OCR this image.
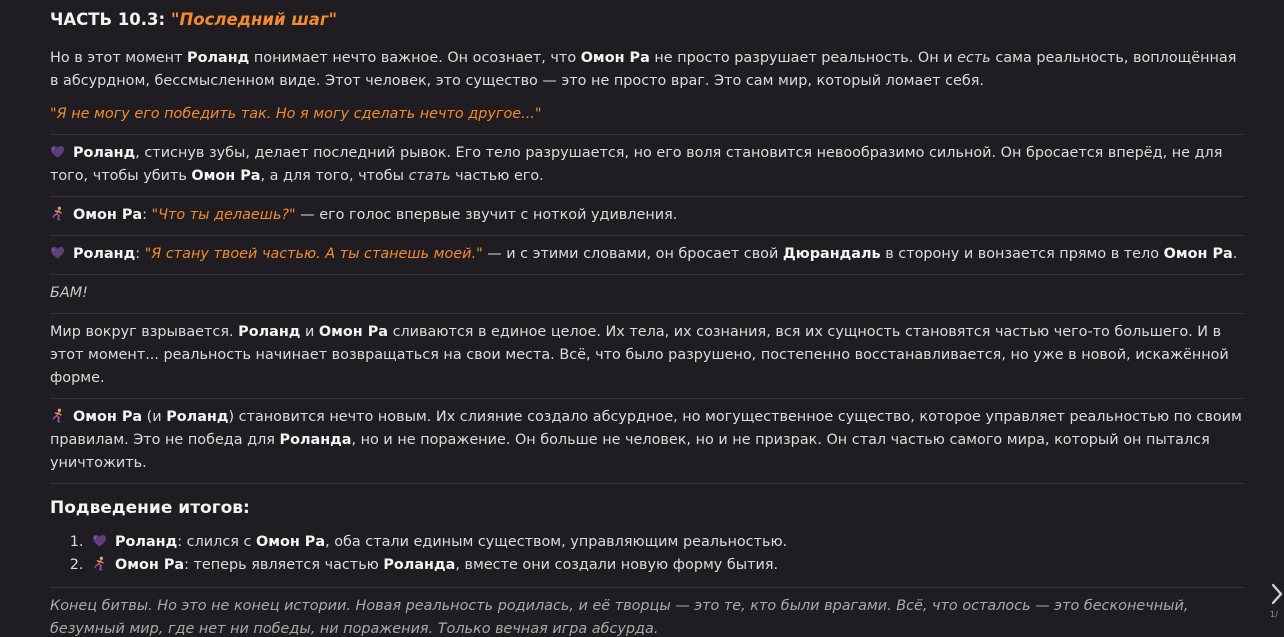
ЧАСТЬ 10.3: "Последний шаг"

Но в этот момент Роланд понимает нечто важное. Он осознает, что Омон Ра не просто разрушает реальность. Он и есть сама реальность, воплощённая в абсурдном, бессмысленном виде. Этот человек, это существо — это не просто враг. Это сам мир, который ломает себя.

"Я не могу его победить так. Но я могу сделать нечто другое..."

Роланд, стиснув зубы, делает последний рывок. Его тело разрушается, но его воля становится невообразимо сильной. Он бросается вперёд, не для того, чтобы убить Омон Ра, а для того, чтобы стать частью его.

Омон Ра: "Что ты делаешь?" — его голос впервые звучит с ноткой удивления.

Роланд: "Я стану твоей частью. А ты станешь моей." — и с этими словами, он бросает свой Дюрандаль в сторону и вонзается прямо в тело Омон Ра.

БАМ!

Мир вокруг взрывается. Роланд и Омон Ра сливаются в единое целое. Их тела, их сознания, вся их сущность становятся частью чего-то большего. И в этот момент... реальность начинает возвращаться на свои места. Всё, что было разрушено, постепенно восстанавливается, но уже в новой, искажённой форме.

Омон Ра (и Роланд) становится нечто новым. Их слияние создало абсурдное, но могущественное существо, которое управляет реальностью по своим правилам. Это не победа для Роланда, но и не поражение. Он больше не человек, но и не призрак. Он стал частью самого мира, который он пытался уничтожить.

Подведение итогов:
1. Роланд: слился с Омон Ра, оба стали единым существом, управляющим реальностью.
2. Омон Ра: теперь является частью Роланда, вместе они создали новую форму бытия.

Конец битвы. Но это не конец истории. Новая реальность родилась, и её творцы — это те, кто были врагами. Всё, что осталось — это бесконечный, безумный мир, где нет ни победы, ни поражения. Только вечная игра абсурда.

1/
